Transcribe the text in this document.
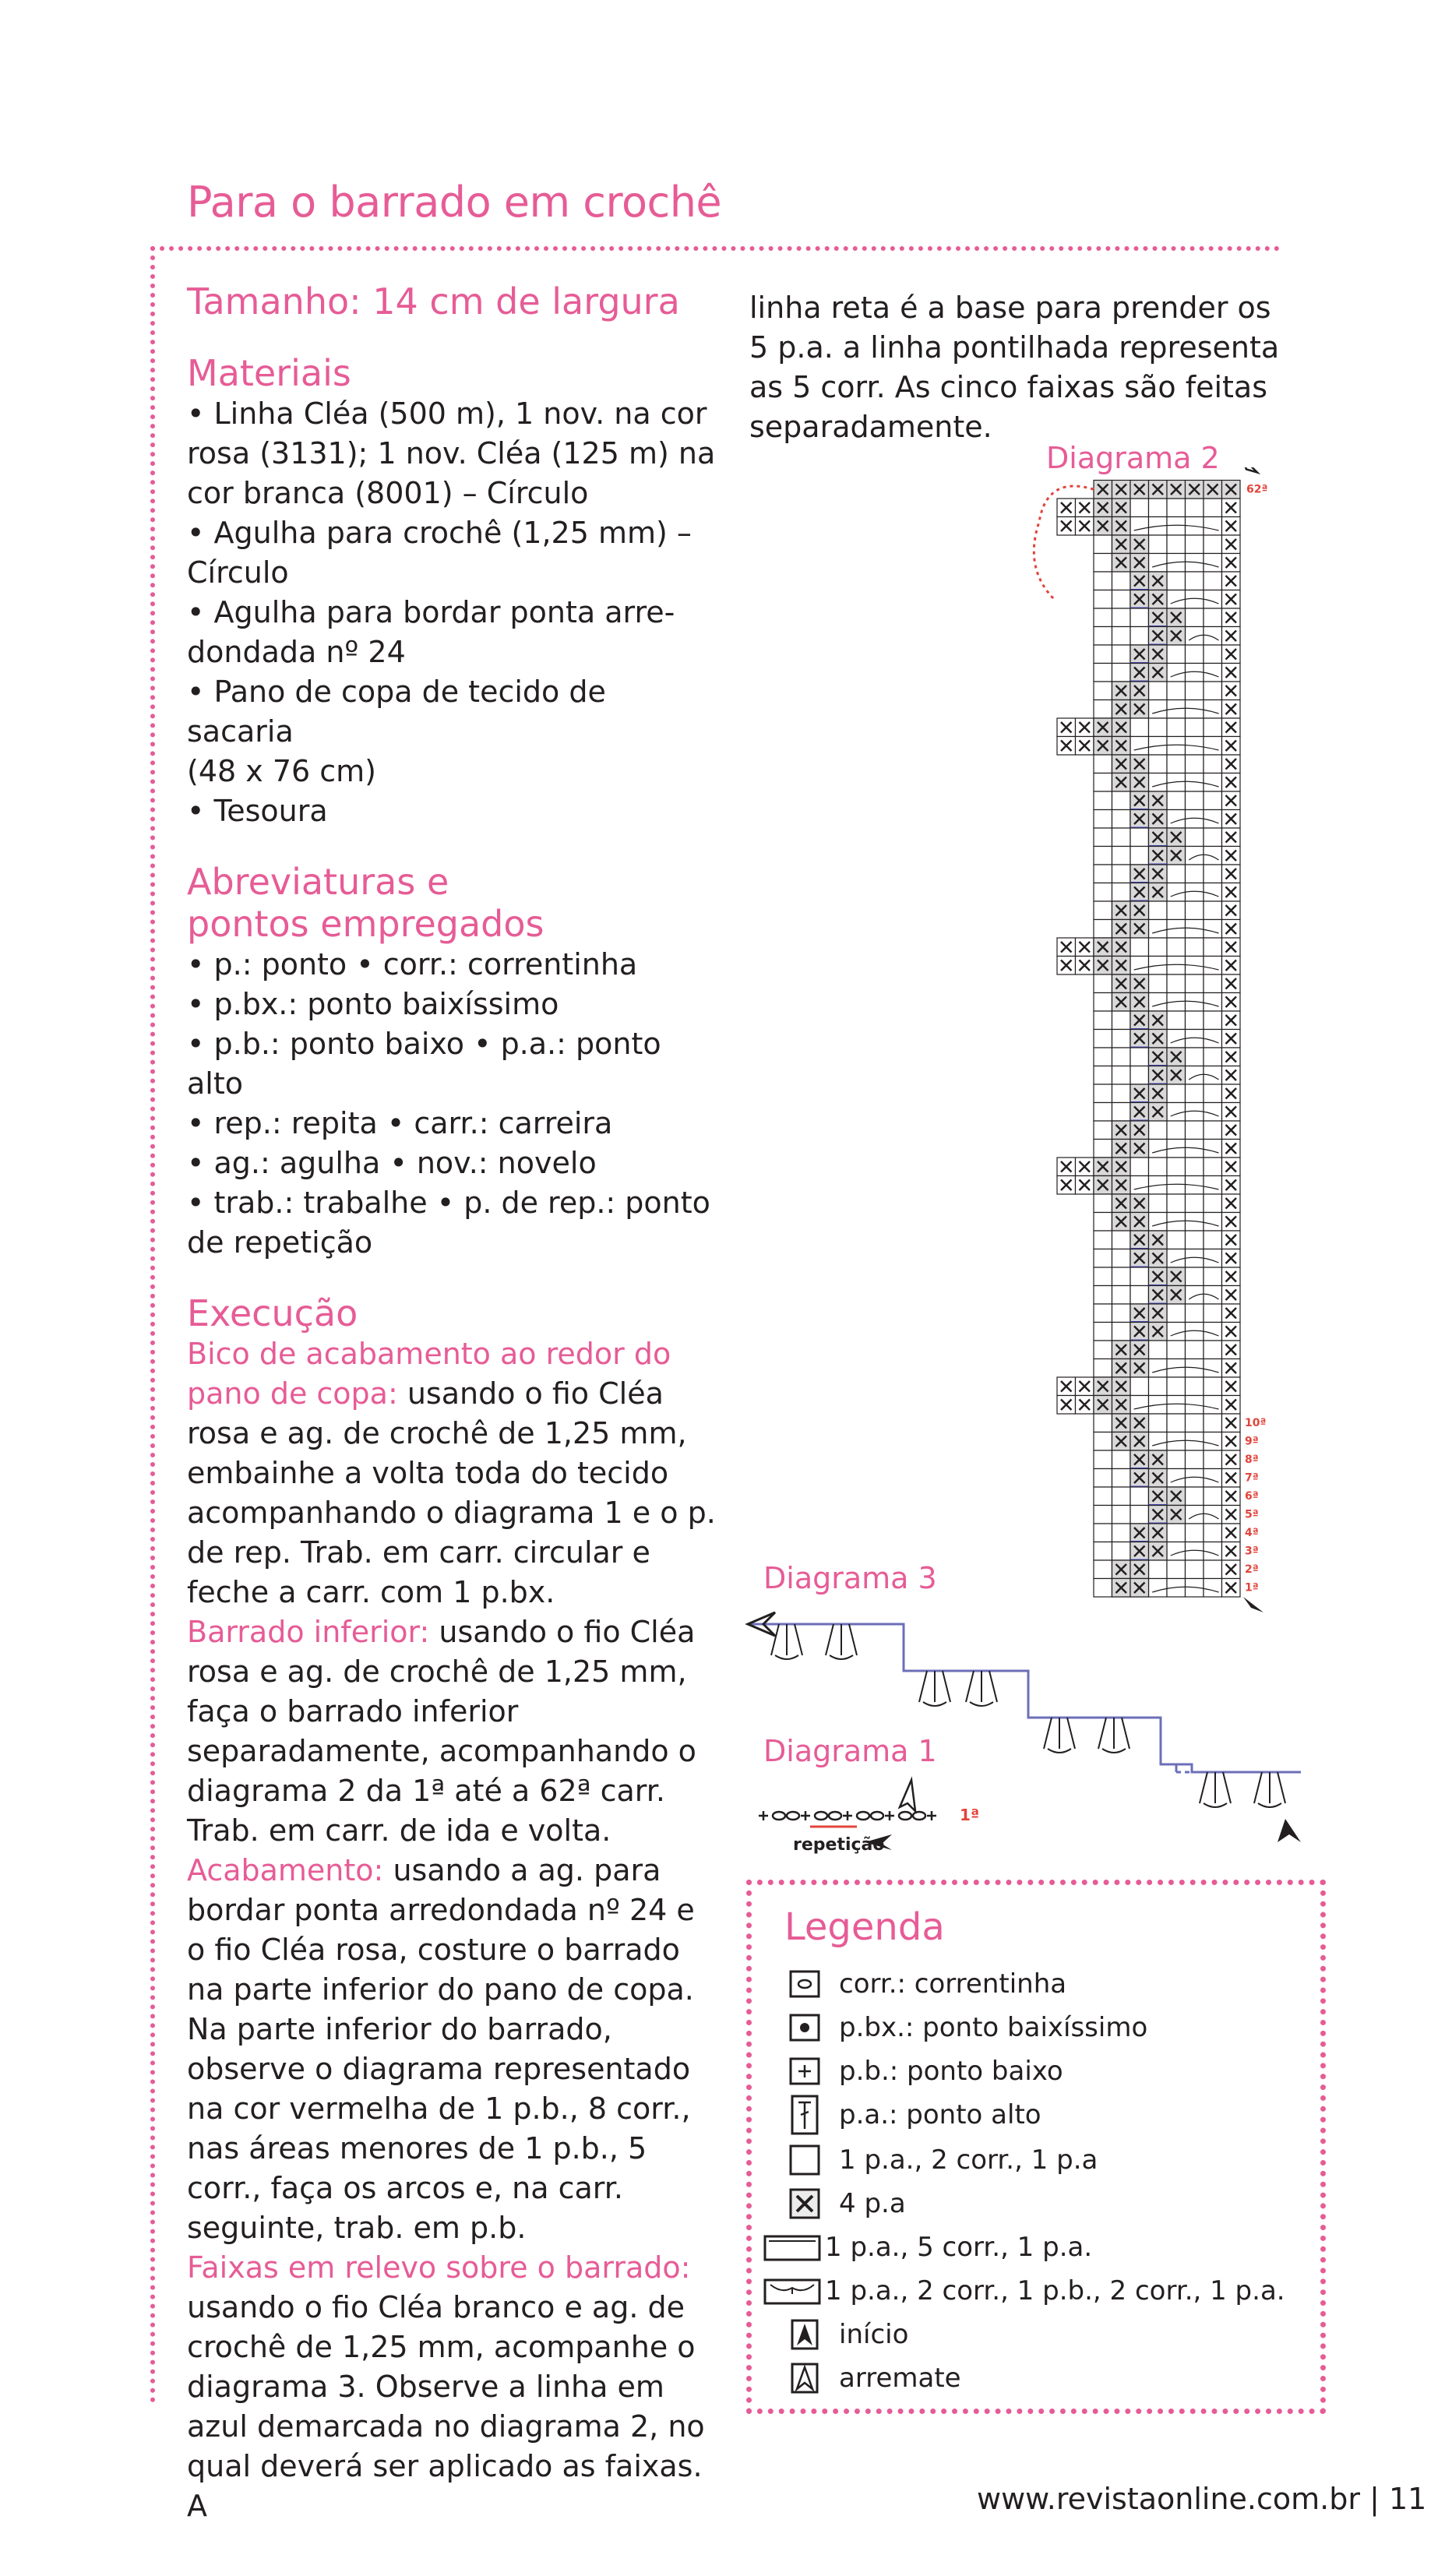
Para o barrado em crochê
Tamanho: 14 cm de largura
Materiais

• Linha Cléa (500 m), 1 nov. na cor

rosa (3131); 1 nov. Cléa (125 m) na

cor branca (8001) – Círculo

• Agulha para crochê (1,25 mm) –

Círculo

• Agulha para bordar ponta arre-

dondada nº 24

• Pano de copa de tecido de sacaria

(48 x 76 cm)

• Tesoura

Abreviaturas e
pontos empregados

• p.: ponto • corr.: correntinha

• p.bx.: ponto baixíssimo

• p.b.: ponto baixo • p.a.: ponto alto

• rep.: repita • carr.: carreira

• ag.: agulha • nov.: novelo

• trab.: trabalhe • p. de rep.: ponto

de repetição

Execução

Bico de acabamento ao redor do pano de copa: usando o fio Cléa rosa e ag. de crochê de 1,25 mm, embainhe a volta toda do tecido acompanhando o diagrama 1 e o p. de rep. Trab. em carr. circular e feche a carr. com 1 p.bx.

Barrado inferior: usando o fio Cléa rosa e ag. de crochê de 1,25 mm, faça o barrado inferior separadamente, acompanhando o diagrama 2 da 1ª até a 62ª carr. Trab. em carr. de ida e volta.

Acabamento: usando a ag. para bordar ponta arredondada nº 24 e o fio Cléa rosa, costure o barrado na parte inferior do pano de copa. Na parte inferior do barrado, observe o diagrama representado na cor vermelha de 1 p.b., 8 corr., nas áreas menores de 1 p.b., 5 corr., faça os arcos e, na carr. seguinte, trab. em p.b.

Faixas em relevo sobre o barrado: usando o fio Cléa branco e ag. de crochê de 1,25 mm, acompanhe o diagrama 3. Observe a linha em azul demarcada no diagrama 2, no qual deverá ser aplicado as faixas. A

linha reta é a base para prender os 5 p.a. a linha pontilhada representa as 5 corr. As cinco faixas são feitas separadamente.
Diagrama 2
10ª
9ª
8ª
7ª
6ª
5ª
4ª
3ª
2ª
1ª
62ª
Diagrama 3
Diagrama 1
repetição
1ª
Legenda
corr.: correntinha
p.bx.: ponto baixíssimo
p.b.: ponto baixo
p.a.: ponto alto
1 p.a., 2 corr., 1 p.a
4 p.a
1 p.a., 5 corr., 1 p.a.
1 p.a., 2 corr., 1 p.b., 2 corr., 1 p.a.
início
arremate
www.revistaonline.com.br | 11
